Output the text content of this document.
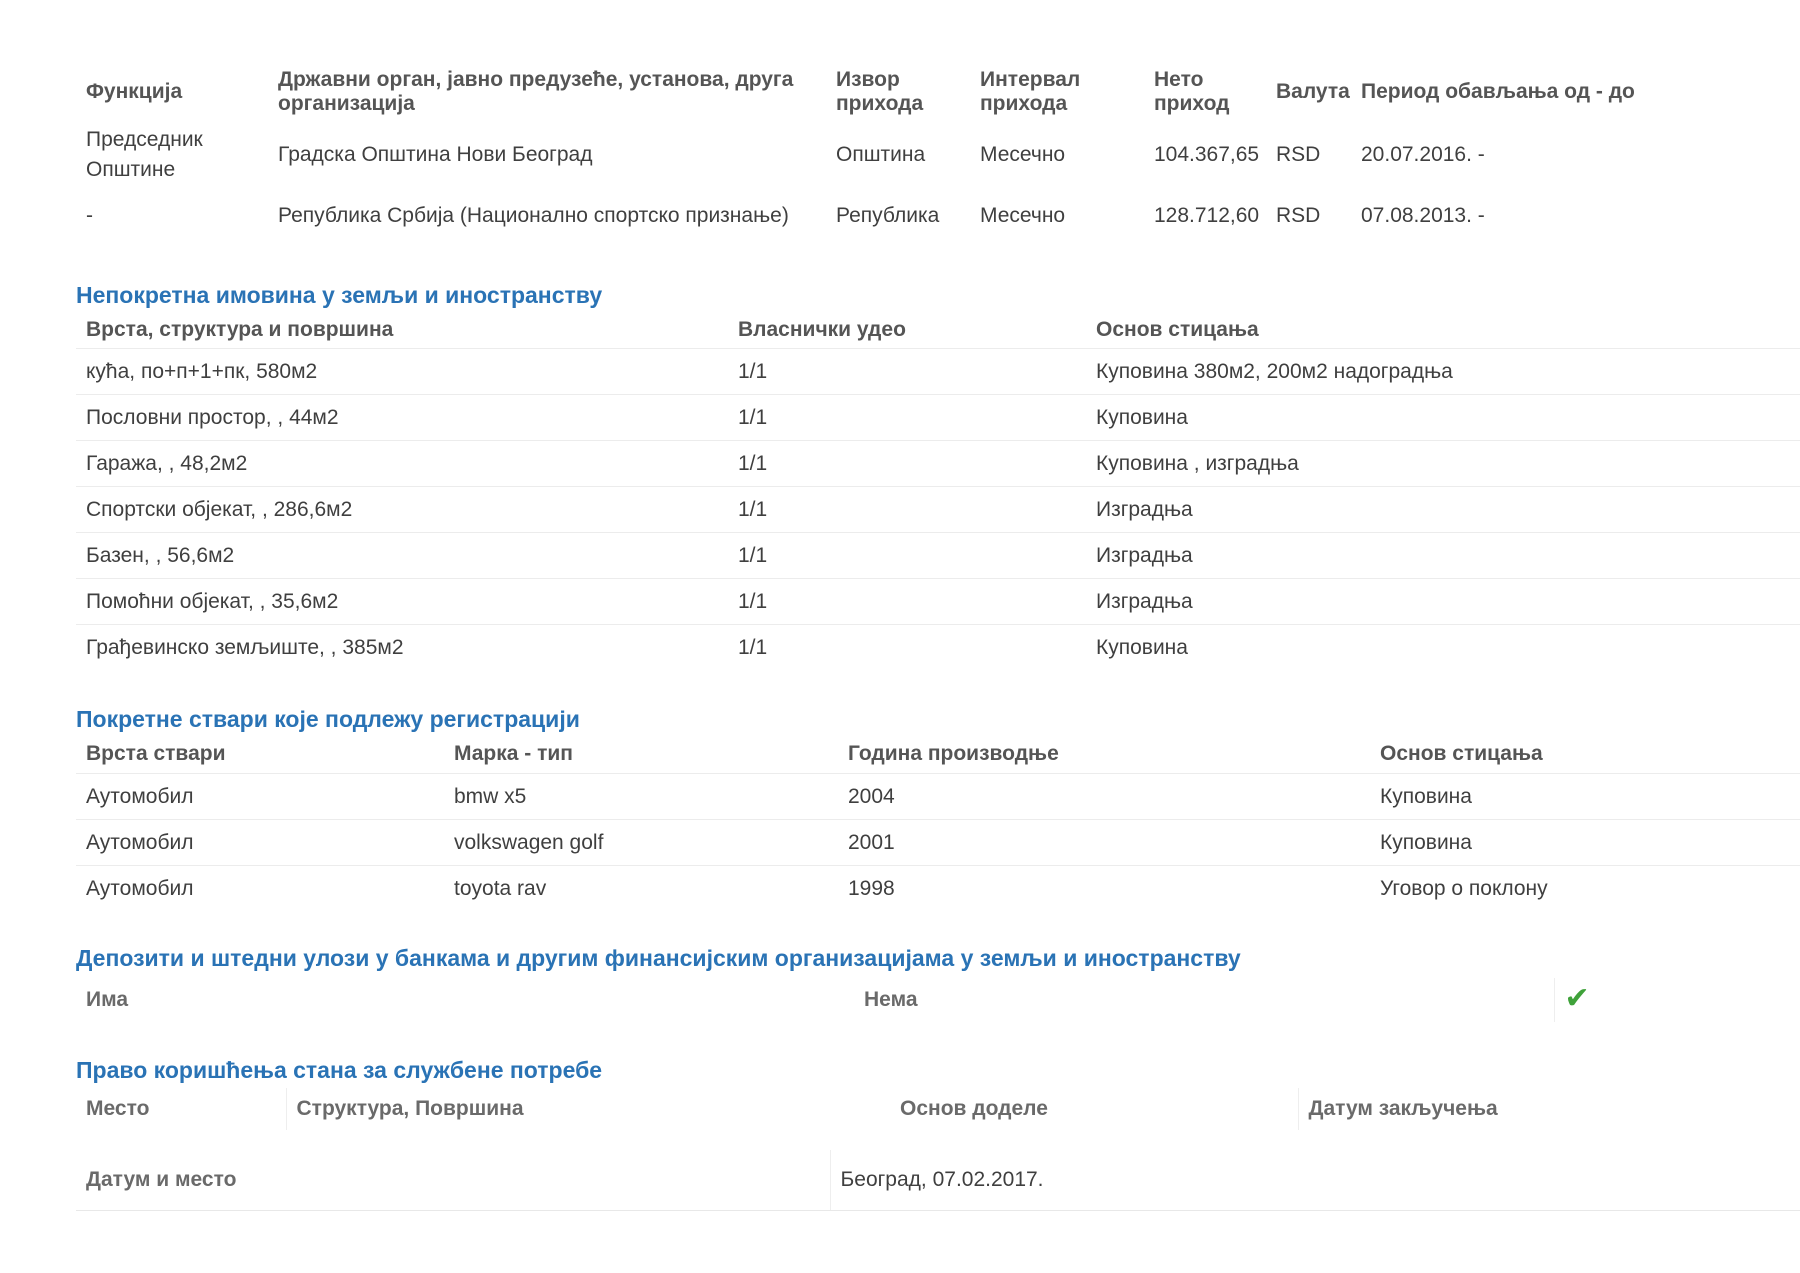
Функција	Државни орган, јавно предузеће, установа, друга организација	Извор прихода	Интервал прихода	Нето приход	Валута	Период обављања од - до
Председник Општине	Градска Општина Нови Београд	Општина	Месечно	104.367,65	RSD	20.07.2016. -
-	Република Србија (Национално спортско признање)	Република	Месечно	128.712,60	RSD	07.08.2013. -
Непокретна имовина у земљи и иностранству
Врста, структура и површина	Власнички удео	Основ стицања
кућа, по+п+1+пк, 580м2	1/1	Куповина 380м2, 200м2 надоградња
Пословни простор, , 44м2	1/1	Куповина
Гаража, , 48,2м2	1/1	Куповина , изградња
Спортски објекат, , 286,6м2	1/1	Изградња
Базен, , 56,6м2	1/1	Изградња
Помоћни објекат, , 35,6м2	1/1	Изградња
Грађевинско земљиште, , 385м2	1/1	Куповина
Покретне ствари које подлежу регистрацији
Врста ствари	Марка - тип	Година производње	Основ стицања
Аутомобил	bmw x5	2004	Куповина
Аутомобил	volkswagen golf	2001	Куповина
Аутомобил	toyota rav	1998	Уговор о поклону
Депозити и штедни улози у банкама и другим финансијским организацијама у земљи и иностранству
Има	Нема	✔
Право коришћења стана за службене потребе
Место	Структура, Површина	Основ доделе	Датум закључења
Датум и место	Београд, 07.02.2017.
